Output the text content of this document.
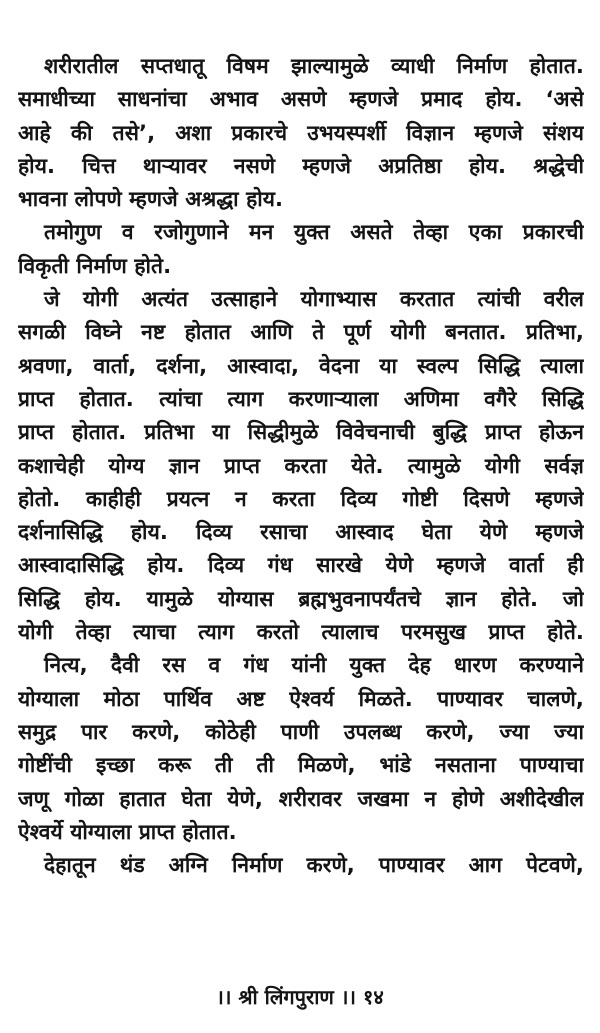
शरीरातील सप्तधातू विषम झाल्यामुळे व्याधी निर्माण होतात.
समाधीच्या साधनांचा अभाव असणे म्हणजे प्रमाद होय. ‘असे
आहे की तसे’, अशा प्रकारचे उभयस्पर्शी विज्ञान म्हणजे संशय
होय. चित्त थाऱ्यावर नसणे म्हणजे अप्रतिष्ठा होय. श्रद्धेची
भावना लोपणे म्हणजे अश्रद्धा होय.
तमोगुण व रजोगुणाने मन युक्त असते तेव्हा एका प्रकारची
विकृती निर्माण होते.
जे योगी अत्यंत उत्साहाने योगाभ्यास करतात त्यांची वरील
सगळी विघ्ने नष्ट होतात आणि ते पूर्ण योगी बनतात. प्रतिभा,
श्रवणा, वार्ता, दर्शना, आस्वादा, वेदना या स्वल्प सिद्धि त्याला
प्राप्त होतात. त्यांचा त्याग करणाऱ्याला अणिमा वगैरे सिद्धि
प्राप्त होतात. प्रतिभा या सिद्धीमुळे विवेचनाची बुद्धि प्राप्त होऊन
कशाचेही योग्य ज्ञान प्राप्त करता येते. त्यामुळे योगी सर्वज्ञ
होतो. काहीही प्रयत्न न करता दिव्य गोष्टी दिसणे म्हणजे
दर्शनासिद्धि होय. दिव्य रसाचा आस्वाद घेता येणे म्हणजे
आस्वादासिद्धि होय. दिव्य गंध सारखे येणे म्हणजे वार्ता ही
सिद्धि होय. यामुळे योग्यास ब्रह्मभुवनापर्यंतचे ज्ञान होते. जो
योगी तेव्हा त्याचा त्याग करतो त्यालाच परमसुख प्राप्त होते.
नित्य, दैवी रस व गंध यांनी युक्त देह धारण करण्याने
योग्याला मोठा पार्थिव अष्ट ऐश्वर्य मिळते. पाण्यावर चालणे,
समुद्र पार करणे, कोठेही पाणी उपलब्ध करणे, ज्या ज्या
गोष्टींची इच्छा करू ती ती मिळणे, भांडे नसताना पाण्याचा
जणू गोळा हातात घेता येणे, शरीरावर जखमा न होणे अशीदेखील
ऐश्वर्ये योग्याला प्राप्त होतात.
देहातून थंड अग्नि निर्माण करणे, पाण्यावर आग पेटवणे,
।। श्री लिंगपुराण ।। १४
